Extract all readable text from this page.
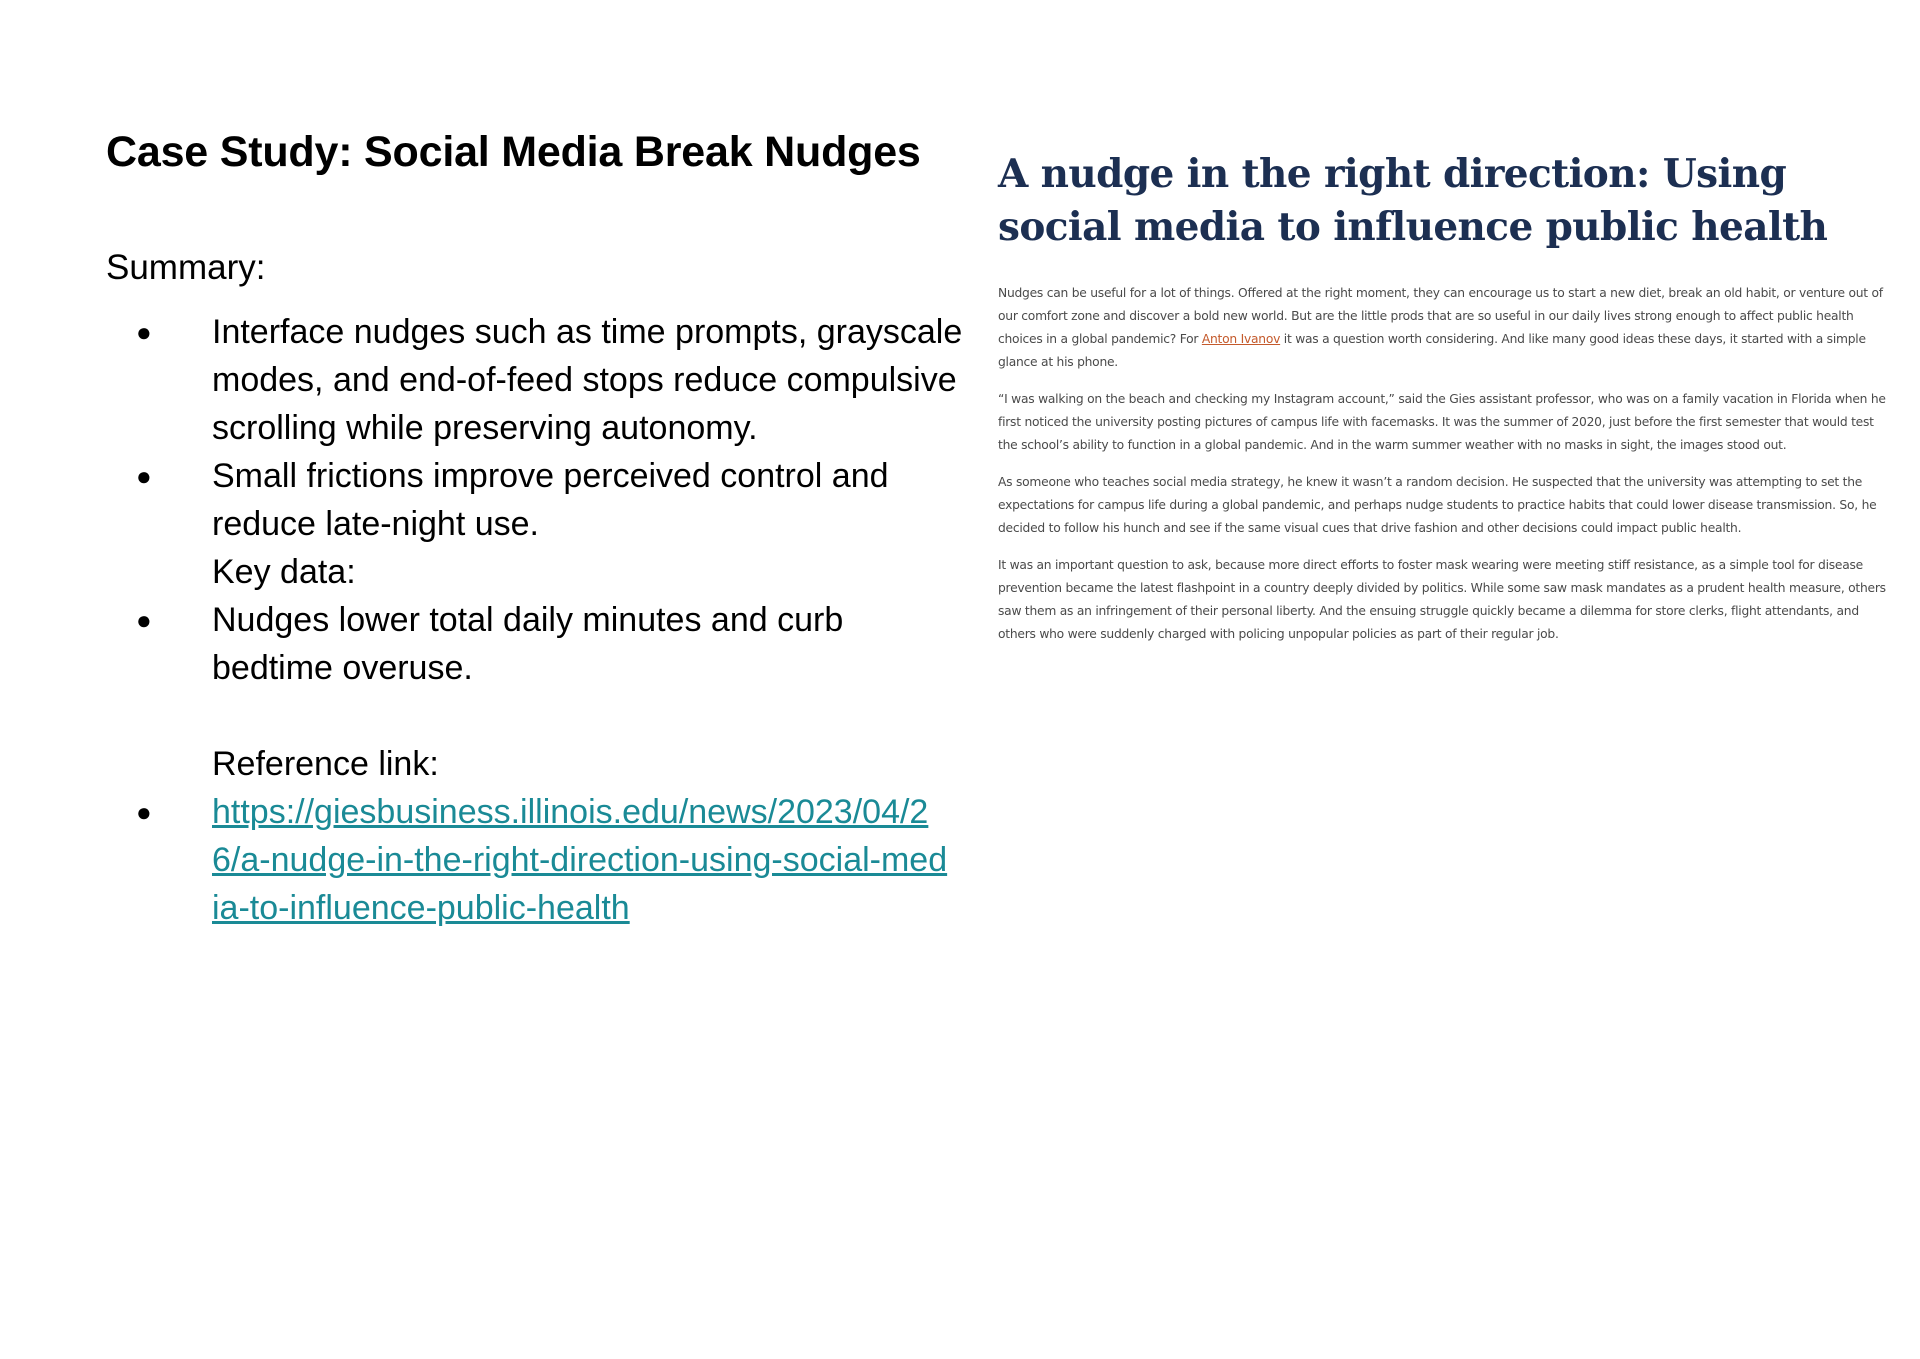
Case Study: Social Media Break Nudges
Summary:
● Interface nudges such as time prompts, grayscale modes, and end-of-feed stops reduce compulsive scrolling while preserving autonomy.
● Small frictions improve perceived control and reduce late-night use.
Key data:
● Nudges lower total daily minutes and curb bedtime overuse.
Reference link:
● https://giesbusiness.illinois.edu/news/2023/04/26/a-nudge-in-the-right-direction-using-social-media-to-influence-public-health
A nudge in the right direction: Using social media to influence public health

Nudges can be useful for a lot of things. Offered at the right moment, they can encourage us to start a new diet, break an old habit, or venture out of our comfort zone and discover a bold new world. But are the little prods that are so useful in our daily lives strong enough to affect public health choices in a global pandemic? For Anton Ivanov it was a question worth considering. And like many good ideas these days, it started with a simple glance at his phone.

“I was walking on the beach and checking my Instagram account,” said the Gies assistant professor, who was on a family vacation in Florida when he first noticed the university posting pictures of campus life with facemasks. It was the summer of 2020, just before the first semester that would test the school’s ability to function in a global pandemic. And in the warm summer weather with no masks in sight, the images stood out.

As someone who teaches social media strategy, he knew it wasn’t a random decision. He suspected that the university was attempting to set the expectations for campus life during a global pandemic, and perhaps nudge students to practice habits that could lower disease transmission. So, he decided to follow his hunch and see if the same visual cues that drive fashion and other decisions could impact public health.

It was an important question to ask, because more direct efforts to foster mask wearing were meeting stiff resistance, as a simple tool for disease prevention became the latest flashpoint in a country deeply divided by politics. While some saw mask mandates as a prudent health measure, others saw them as an infringement of their personal liberty. And the ensuing struggle quickly became a dilemma for store clerks, flight attendants, and others who were suddenly charged with policing unpopular policies as part of their regular job.
